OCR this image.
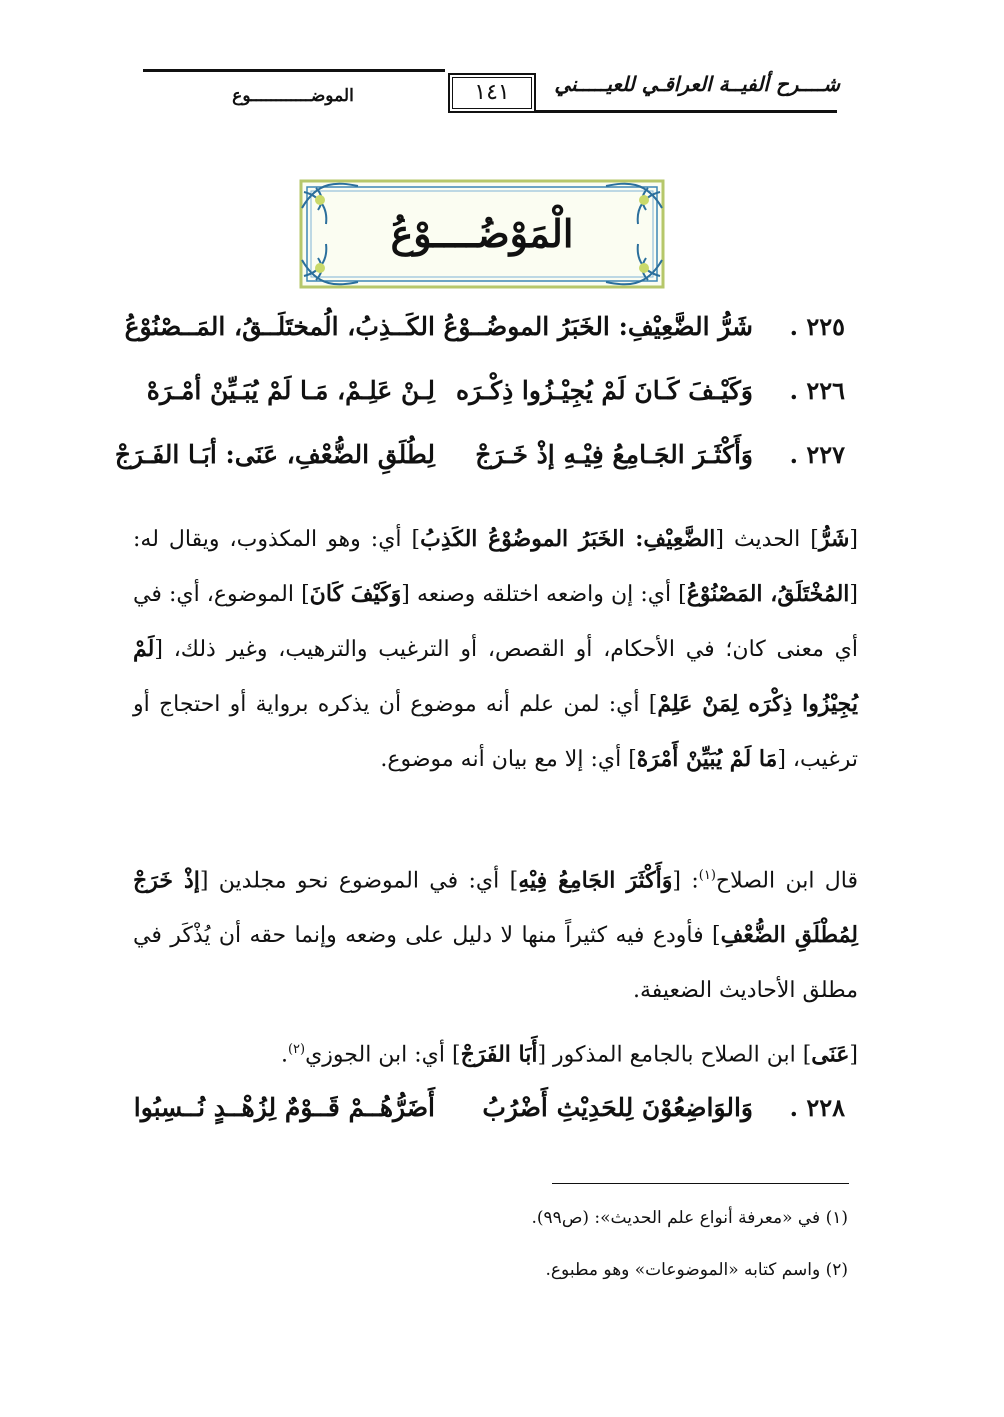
شــــرح ألفيــة العراقـي للعيـــــني
١٤١
الموضــــــــــــوع
الْمَوْضُــــوْعُ
٢٢٥ .
شَرُّ الضَّعِيْفِ: الخَبَرُ الموضُــوْعُ
الكَــذِبُ، الُمختَلَــقُ، المَــصْنُوْعُ
٢٢٦ .
وَكَيْـفَ كَـانَ لَمْ يُجِيْـزُوا ذِكْـرَه
لِـنْ عَلِـمْ، مَـا لَمْ يُبَـيِّنْ أمْـرَهْ
٢٢٧ .
وَأَكْثَـرَ الجَـامِعُ فِيْـهِ إذْ خَـرَجْ
لِطُلَقِ الضُّعْفِ، عَنَى: أبَـا الفَـرَجْ
[شَرُّ] الحديث [الضَّعِيْفِ: الخَبَرُ الموضُوْعُ الكَذِبُ] أي: وهو المكذوب، ويقال له: [المُخْتَلَقُ، المَصْنُوْعُ] أي: إن واضعه اختلقه وصنعه [وَكَيْفَ كَانَ] الموضوع، أي: في أي معنى كان؛ في الأحكام، أو القصص، أو الترغيب والترهيب، وغير ذلك، [لَمْ يُجِيْزُوا ذِكْرَه لِمَنْ عَلِمْ] أي: لمن علم أنه موضوع أن يذكره برواية أو احتجاج أو ترغيب، [مَا لَمْ يُبَيِّنْ أَمْرَهْ] أي: إلا مع بيان أنه موضوع.
قال ابن الصلاح$^{(١)}$: [وَأَكْثَرَ الجَامِعُ فِيْهِ] أي: في الموضوع نحو مجلدين [إذْ خَرَجْ لِمُطْلَقِ الضُّعْفِ] فأودع فيه كثيراً منها لا دليل على وضعه وإنما حقه أن يُذْكَر في مطلق الأحاديث الضعيفة.
[عَنَى] ابن الصلاح بالجامع المذكور [أَبَا الفَرَجْ] أي: ابن الجوزي$^{(٢)}$.
٢٢٨ .
وَالوَاضِعُوْنَ لِلحَدِيْثِ أَضْرُبُ
أَضَرُّهُــمْ قَــوْمٌ لِزُهْــدٍ نُــسِبُوا
(١) في «معرفة أنواع علم الحديث»: (ص٩٩).
(٢) واسم كتابه «الموضوعات» وهو مطبوع.
